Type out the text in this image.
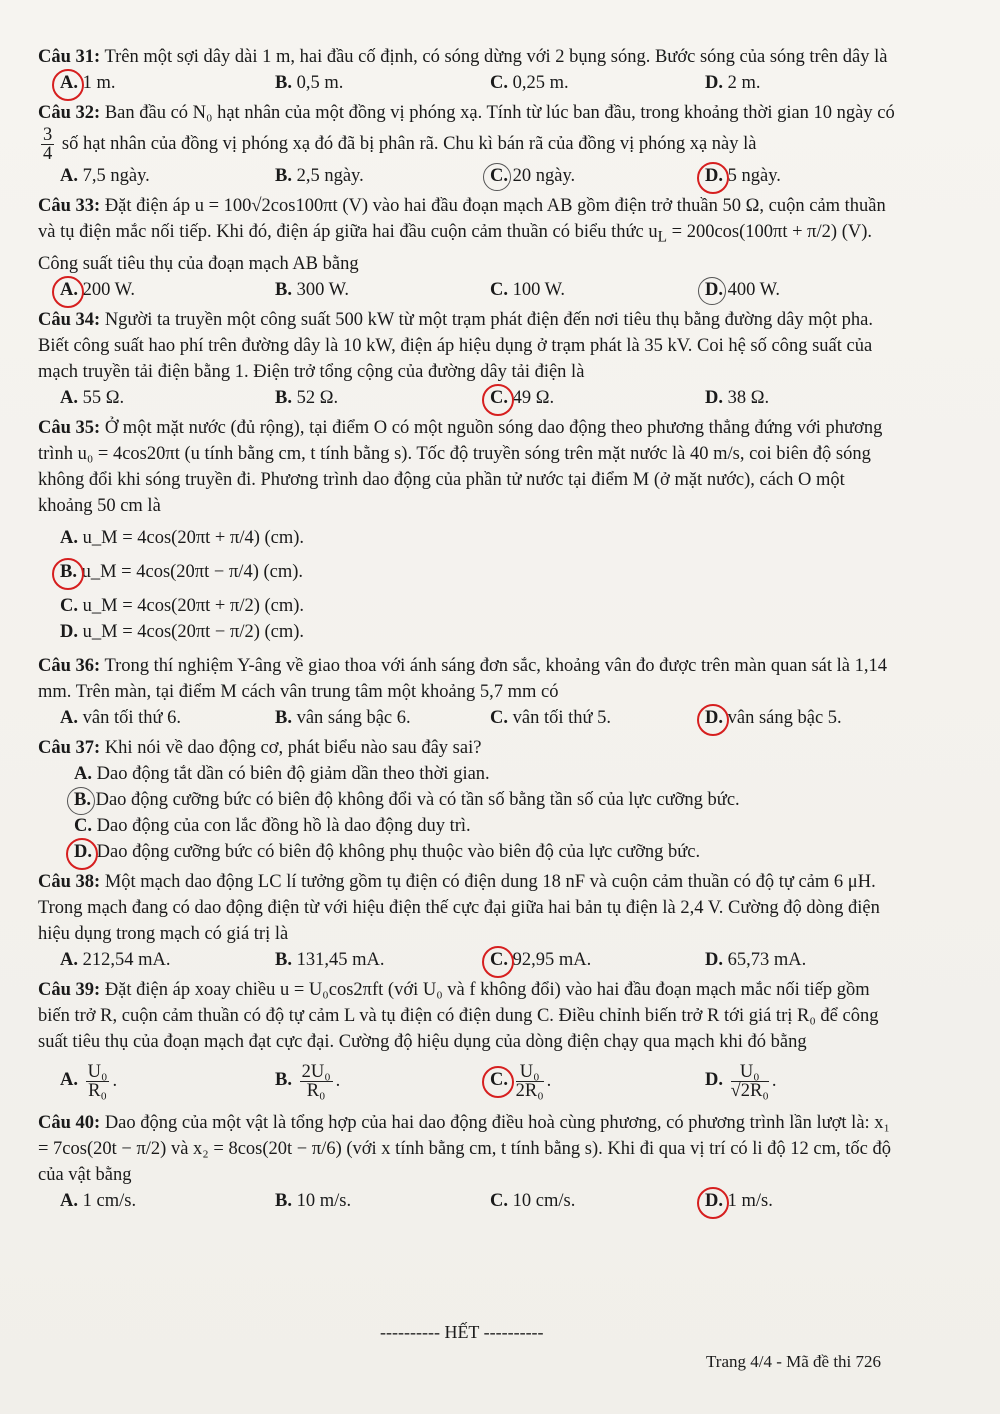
Câu 31: Trên một sợi dây dài 1 m, hai đầu cố định, có sóng dừng với 2 bụng sóng. Bước sóng của sóng trên dây là
A. 1 m.	B. 0,5 m.	C. 0,25 m.	D. 2 m.
Câu 32: Ban đầu có N₀ hạt nhân của một đồng vị phóng xạ. Tính từ lúc ban đầu, trong khoảng thời gian 10 ngày có
$\frac{3}{4}$ số hạt nhân của đồng vị phóng xạ đó đã bị phân rã. Chu kì bán rã của đồng vị phóng xạ này là
A. 7,5 ngày.	B. 2,5 ngày.	C. 20 ngày.	D. 5 ngày.
Câu 33: Đặt điện áp u = 100√2cos100πt (V) vào hai đầu đoạn mạch AB gồm điện trở thuần 50 Ω, cuộn cảm thuần và tụ điện mắc nối tiếp. Khi đó, điện áp giữa hai đầu cuộn cảm thuần có biểu thức $u_L = 200\cos(100\pi t + \pi/2)$ (V). Công suất tiêu thụ của đoạn mạch AB bằng
A. 200 W.	B. 300 W.	C. 100 W.	D. 400 W.
Câu 34: Người ta truyền một công suất 500 kW từ một trạm phát điện đến nơi tiêu thụ bằng đường dây một pha. Biết công suất hao phí trên đường dây là 10 kW, điện áp hiệu dụng ở trạm phát là 35 kV. Coi hệ số công suất của mạch truyền tải điện bằng 1. Điện trở tổng cộng của đường dây tải điện là
A. 55 Ω.	B. 52 Ω.	C. 49 Ω.	D. 38 Ω.
Câu 35: Ở một mặt nước (đủ rộng), tại điểm O có một nguồn sóng dao động theo phương thẳng đứng với phương trình u₀ = 4cos20πt (u tính bằng cm, t tính bằng s). Tốc độ truyền sóng trên mặt nước là 40 m/s, coi biên độ sóng không đổi khi sóng truyền đi. Phương trình dao động của phần tử nước tại điểm M (ở mặt nước), cách O một khoảng 50 cm là
A. u_M = 4cos(20πt + π/4) (cm).
B. u_M = 4cos(20πt − π/4) (cm).
C. u_M = 4cos(20πt + π/2) (cm).
D. u_M = 4cos(20πt − π/2) (cm).
Câu 36: Trong thí nghiệm Y-âng về giao thoa với ánh sáng đơn sắc, khoảng vân đo được trên màn quan sát là 1,14 mm. Trên màn, tại điểm M cách vân trung tâm một khoảng 5,7 mm có
A. vân tối thứ 6.	B. vân sáng bậc 6.	C. vân tối thứ 5.	D. vân sáng bậc 5.
Câu 37: Khi nói về dao động cơ, phát biểu nào sau đây sai?
A. Dao động tắt dần có biên độ giảm dần theo thời gian.
B. Dao động cưỡng bức có biên độ không đổi và có tần số bằng tần số của lực cưỡng bức.
C. Dao động của con lắc đồng hồ là dao động duy trì.
D. Dao động cưỡng bức có biên độ không phụ thuộc vào biên độ của lực cưỡng bức.
Câu 38: Một mạch dao động LC lí tưởng gồm tụ điện có điện dung 18 nF và cuộn cảm thuần có độ tự cảm 6 μH. Trong mạch đang có dao động điện từ với hiệu điện thế cực đại giữa hai bản tụ điện là 2,4 V. Cường độ dòng điện hiệu dụng trong mạch có giá trị là
A. 212,54 mA.	B. 131,45 mA.	C. 92,95 mA.	D. 65,73 mA.
Câu 39: Đặt điện áp xoay chiều u = U₀cos2πft (với U₀ và f không đổi) vào hai đầu đoạn mạch mắc nối tiếp gồm biến trở R, cuộn cảm thuần có độ tự cảm L và tụ điện có điện dung C. Điều chỉnh biến trở R tới giá trị R₀ để công suất tiêu thụ của đoạn mạch đạt cực đại. Cường độ hiệu dụng của dòng điện chạy qua mạch khi đó bằng
A. $\frac{\text{U₀}}{\text{R₀}}$ .	B. $\frac{\text{2U₀}}{\text{R₀}}$ .	C. $\frac{\text{U₀}}{\text{2R₀}}$ .	D. $\frac{\text{U₀}}{\text{√2R₀}}$ .
Câu 40: Dao động của một vật là tổng hợp của hai dao động điều hoà cùng phương, có phương trình lần lượt là: x₁ = 7cos(20t − π/2) và x₂ = 8cos(20t − π/6) (với x tính bằng cm, t tính bằng s). Khi đi qua vị trí có li độ 12 cm, tốc độ của vật bằng
A. 1 cm/s.	B. 10 m/s.	C. 10 cm/s.	D. 1 m/s.
---------- HẾT ----------
Trang 4/4 - Mã đề thi 726
